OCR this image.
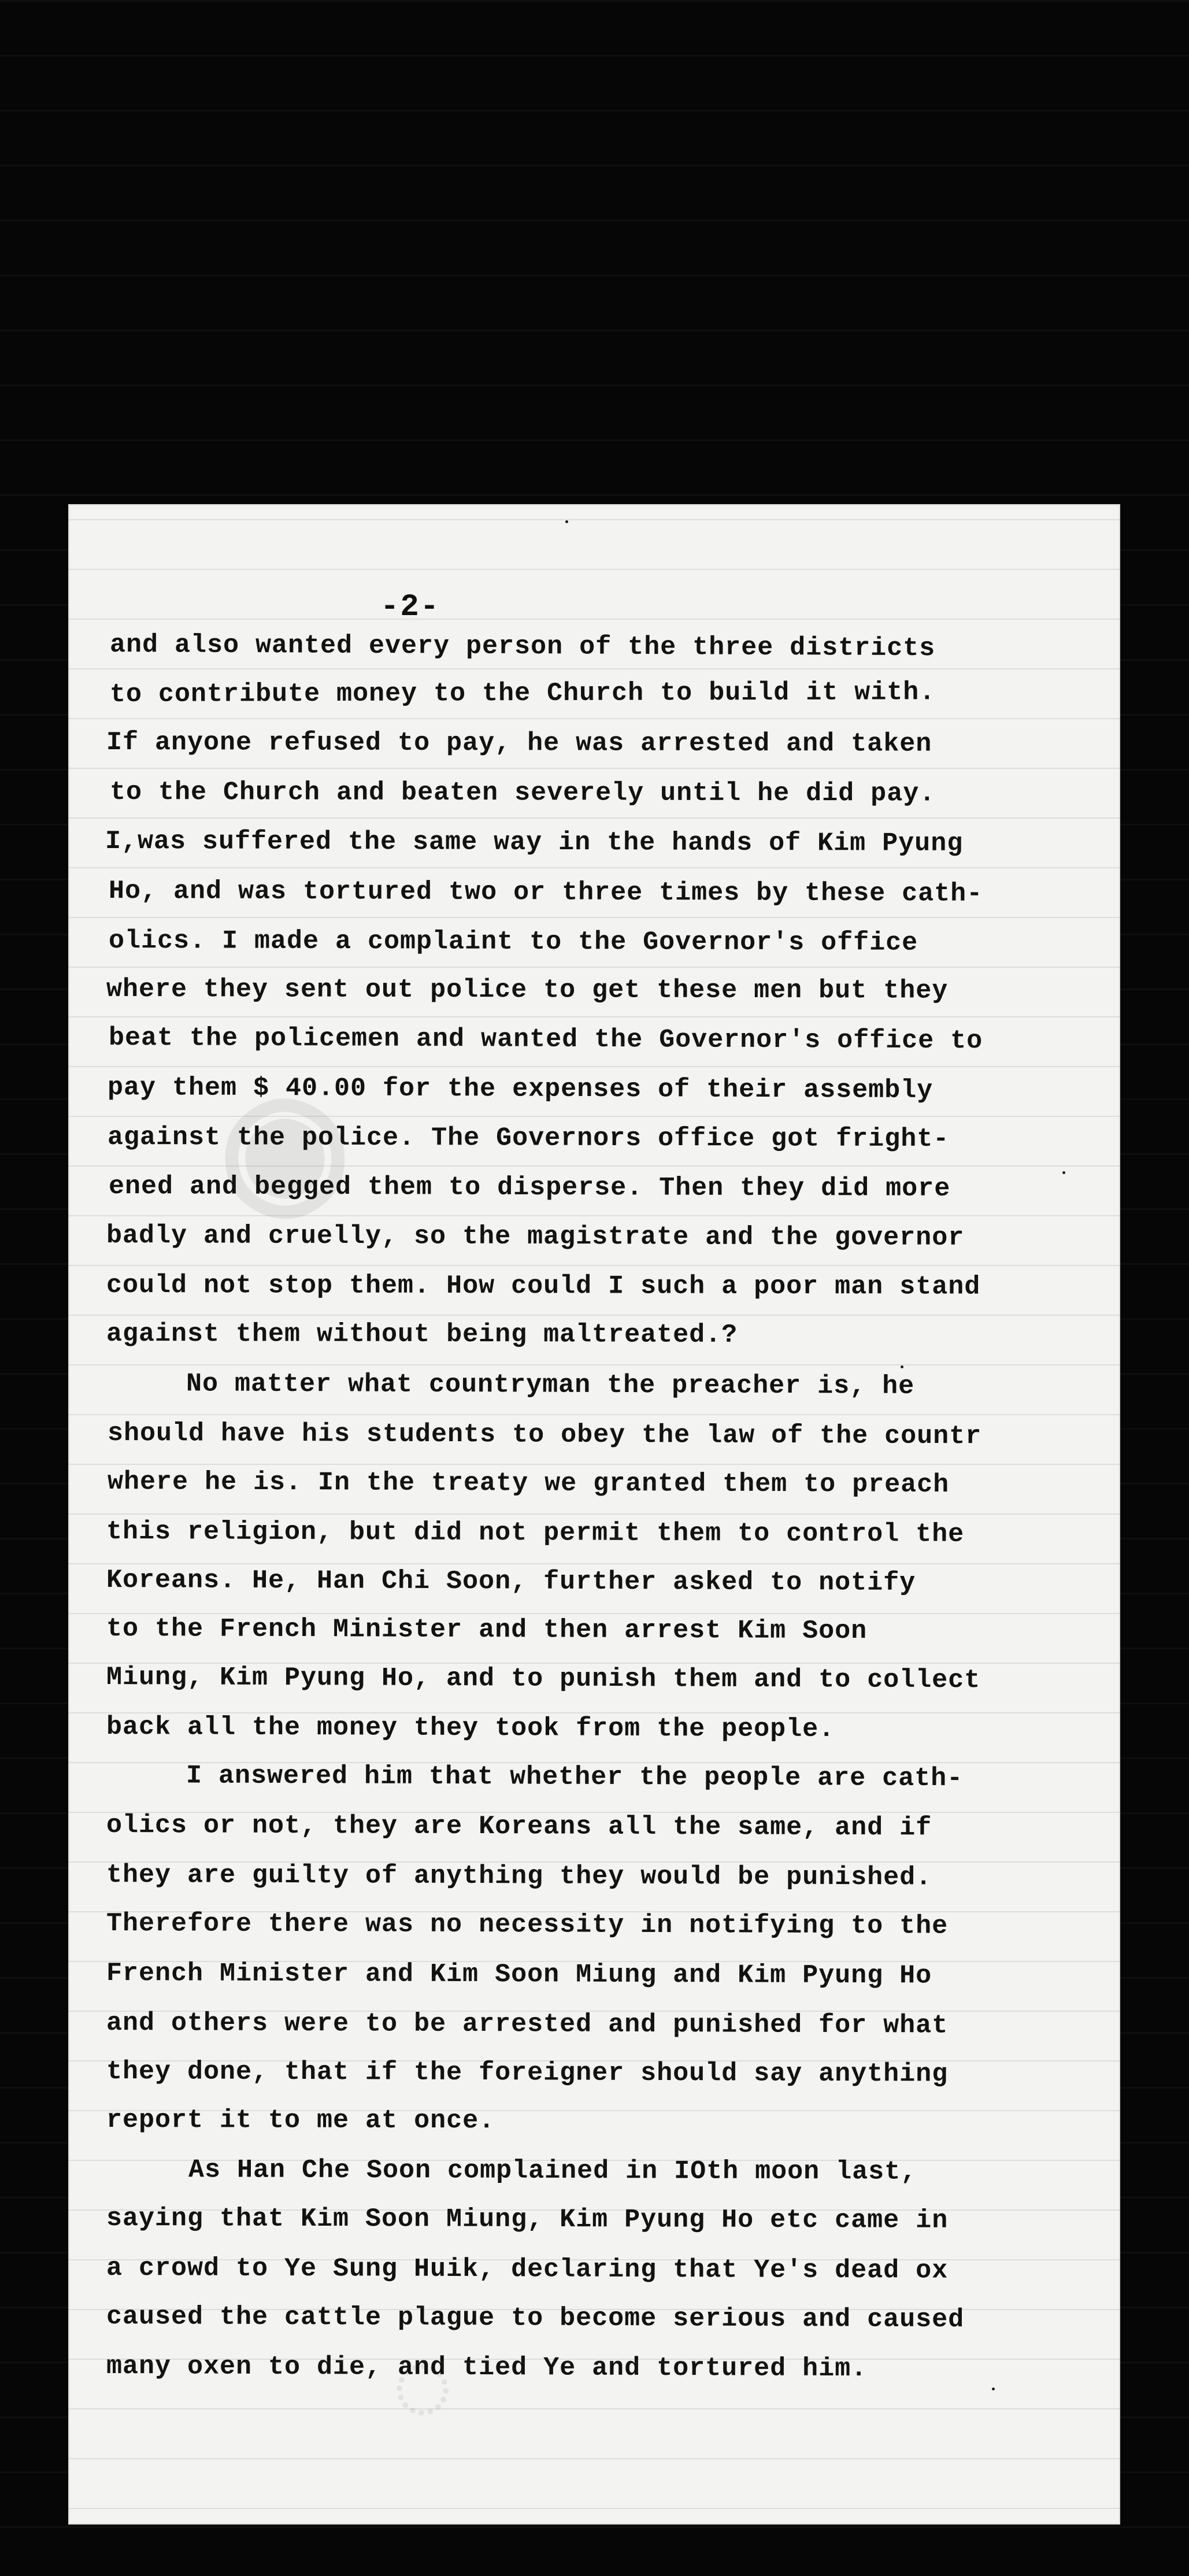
-2-
◉
◌
and also wanted every person of the three districts
to contribute money to the Church to build it with.
If anyone refused to pay, he was arrested and taken
to the Church and beaten severely until he did pay.
I,was suffered the same way in the hands of Kim Pyung
Ho, and was tortured two or three times by these cath-
olics. I made a complaint to the Governor's office
where they sent out police to get these men but they
beat the policemen and wanted the Governor's office to
pay them $ 40.00 for the expenses of their assembly
against the police. The Governors office got fright-
ened and begged them to disperse. Then they did more
badly and cruelly, so the magistrate and the governor
could not stop them. How could I such a poor man stand
against them without being maltreated.?
No matter what countryman the preacher is, he
should have his students to obey the law of the countr
where he is. In the treaty we granted them to preach
this religion, but did not permit them to control the
Koreans. He, Han Chi Soon, further asked to notify
to the French Minister and then arrest Kim Soon
Miung, Kim Pyung Ho, and to punish them and to collect
back all the money they took from the people.
I answered him that whether the people are cath-
olics or not, they are Koreans all the same, and if
they are guilty of anything they would be punished.
Therefore there was no necessity in notifying to the
French Minister and Kim Soon Miung and Kim Pyung Ho
and others were to be arrested and punished for what
they done, that if the foreigner should say anything
report it to me at once.
As Han Che Soon complained in IOth moon last,
saying that Kim Soon Miung, Kim Pyung Ho etc came in
a crowd to Ye Sung Huik, declaring that Ye's dead ox
caused the cattle plague to become serious and caused
many oxen to die, and tied Ye and tortured him.
